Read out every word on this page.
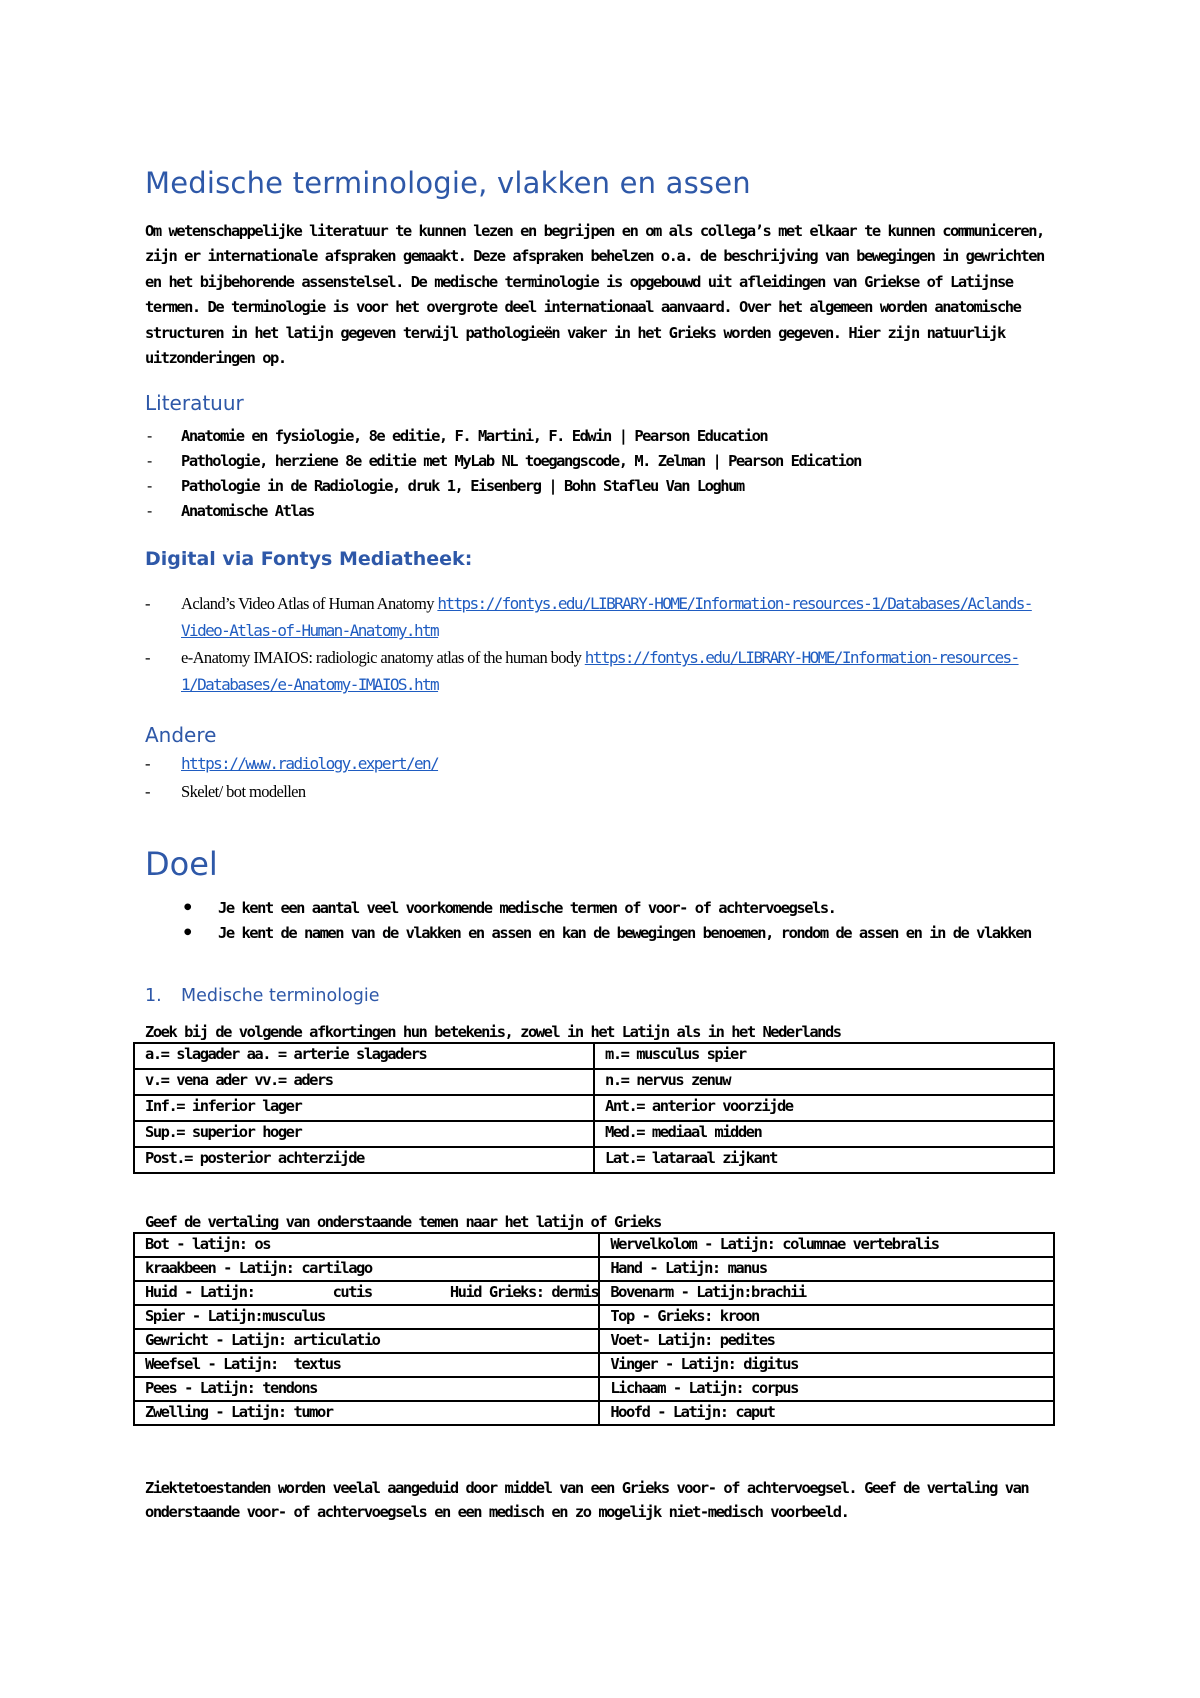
Medische terminologie, vlakken en assen

Om wetenschappelijke literatuur te kunnen lezen en begrijpen en om als collega’s met elkaar te kunnen communiceren, zijn er internationale afspraken gemaakt. Deze afspraken behelzen o.a. de beschrijving van bewegingen in gewrichten en het bijbehorende assenstelsel. De medische terminologie is opgebouwd uit afleidingen van Griekse of Latijnse termen. De terminologie is voor het overgrote deel internationaal aanvaard. Over het algemeen worden anatomische structuren in het latijn gegeven terwijl pathologieën vaker in het Grieks worden gegeven. Hier zijn natuurlijk uitzonderingen op.

Literatuur
- Anatomie en fysiologie, 8e editie, F. Martini, F. Edwin | Pearson Education
- Pathologie, herziene 8e editie met MyLab NL toegangscode, M. Zelman | Pearson Edication
- Pathologie in de Radiologie, druk 1, Eisenberg | Bohn Stafleu Van Loghum
- Anatomische Atlas
Digital via Fontys Mediatheek:
- Acland’s Video Atlas of Human Anatomy https://fontys.edu/LIBRARY-HOME/Information-resources-1/Databases/Aclands-Video-Atlas-of-Human-Anatomy.htm
- e-Anatomy IMAIOS: radiologic anatomy atlas of the human body https://fontys.edu/LIBRARY-HOME/Information-resources-1/Databases/e-Anatomy-IMAIOS.htm
Andere
- https://www.radiology.expert/en/
- Skelet/ bot modellen
Doel
• Je kent een aantal veel voorkomende medische termen of voor- of achtervoegsels.
• Je kent de namen van de vlakken en assen en kan de bewegingen benoemen, rondom de assen en in de vlakken
1. Medische terminologie

Zoek bij de volgende afkortingen hun betekenis, zowel in het Latijn als in het Nederlands

a.= slagader aa. = arterie slagaders	m.= musculus spier
v.= vena ader vv.= aders	n.= nervus zenuw
Inf.= inferior lager	Ant.= anterior voorzijde
Sup.= superior hoger	Med.= mediaal midden
Post.= posterior achterzijde	Lat.= lataraal zijkant

Geef de vertaling van onderstaande temen naar het latijn of Grieks

Bot - latijn: os	Wervelkolom - Latijn: columnae vertebralis
kraakbeen - Latijn: cartilago	Hand - Latijn: manus
Huid - Latijn:          cutis          Huid Grieks: dermis	Bovenarm - Latijn:brachii
Spier - Latijn:musculus	Top - Grieks: kroon
Gewricht - Latijn: articulatio	Voet- Latijn: pedites
Weefsel - Latijn:  textus	Vinger - Latijn: digitus
Pees - Latijn: tendons	Lichaam - Latijn: corpus
Zwelling - Latijn: tumor	Hoofd - Latijn: caput

Ziektetoestanden worden veelal aangeduid door middel van een Grieks voor- of achtervoegsel. Geef de vertaling van onderstaande voor- of achtervoegsels en een medisch en zo mogelijk niet-medisch voorbeeld.
